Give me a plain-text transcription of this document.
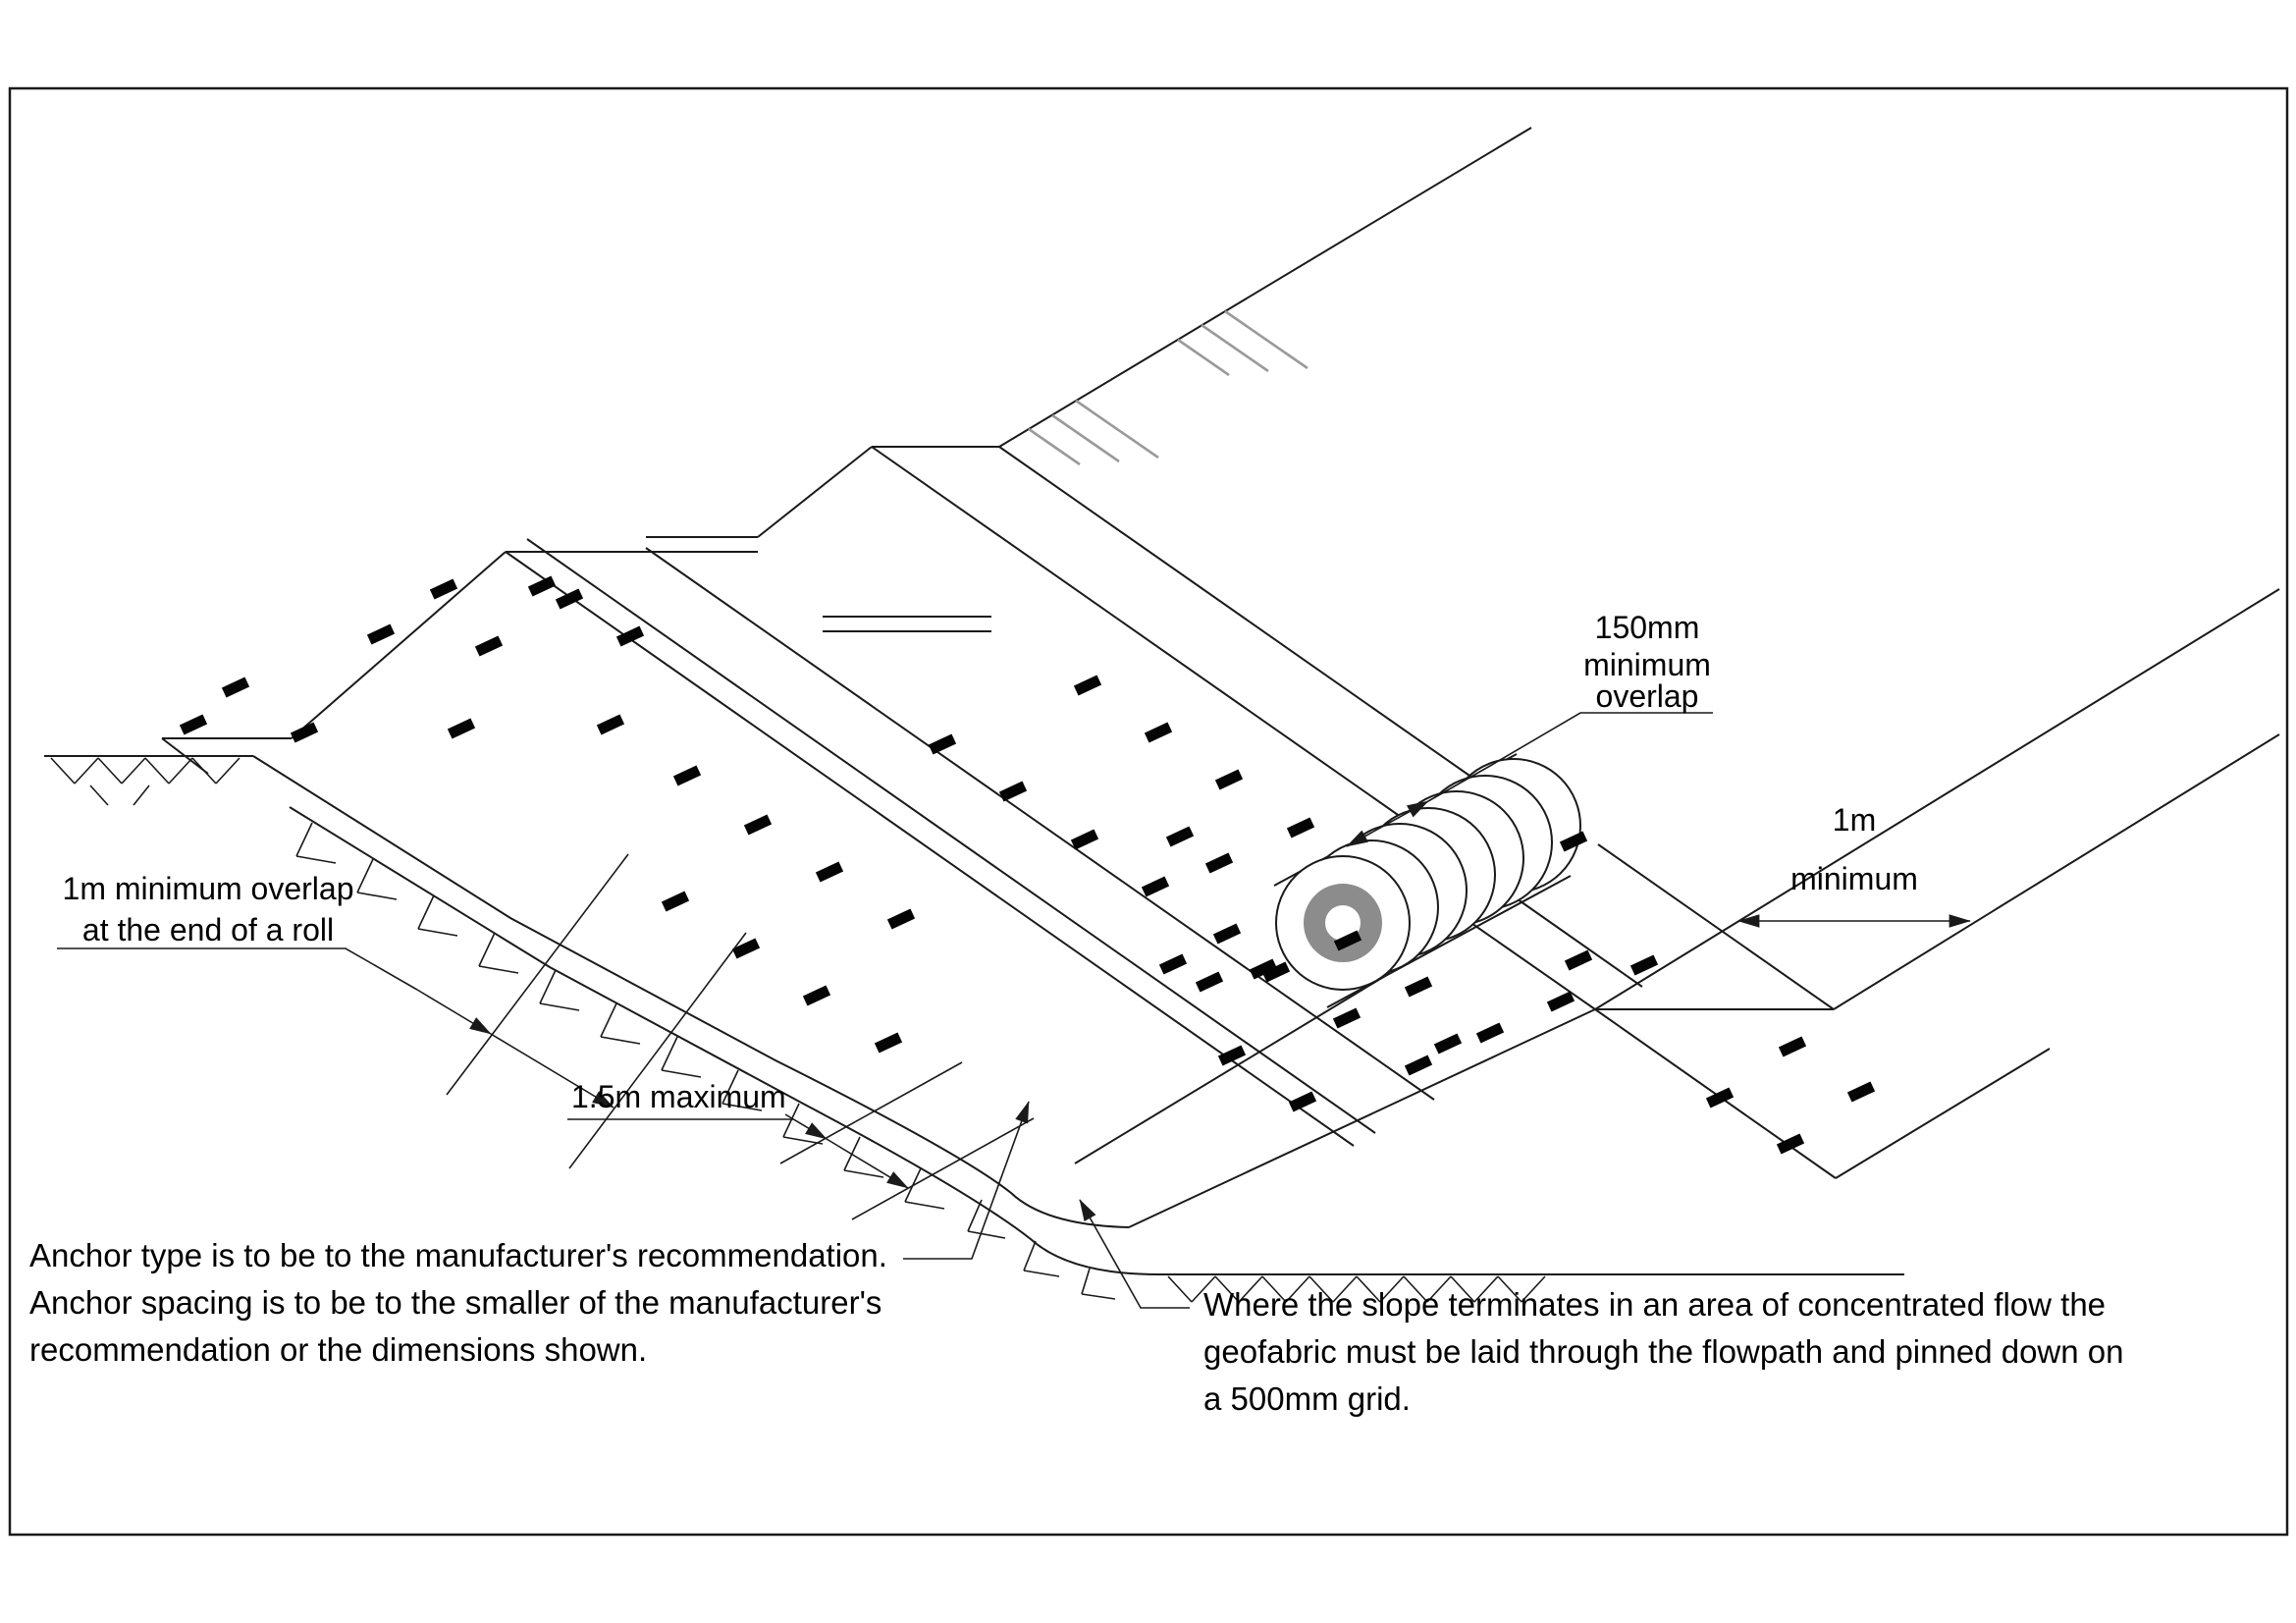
150mm
minimum
overlap
1m
minimum
1m minimum overlap
at the end of a roll
1.5m maximum
Anchor type is to be to the manufacturer's recommendation.
Anchor spacing is to be to the smaller of the manufacturer's
recommendation or the dimensions shown.
Where the slope terminates in an area of concentrated flow the
geofabric must be laid through the flowpath and pinned down on
a 500mm grid.
